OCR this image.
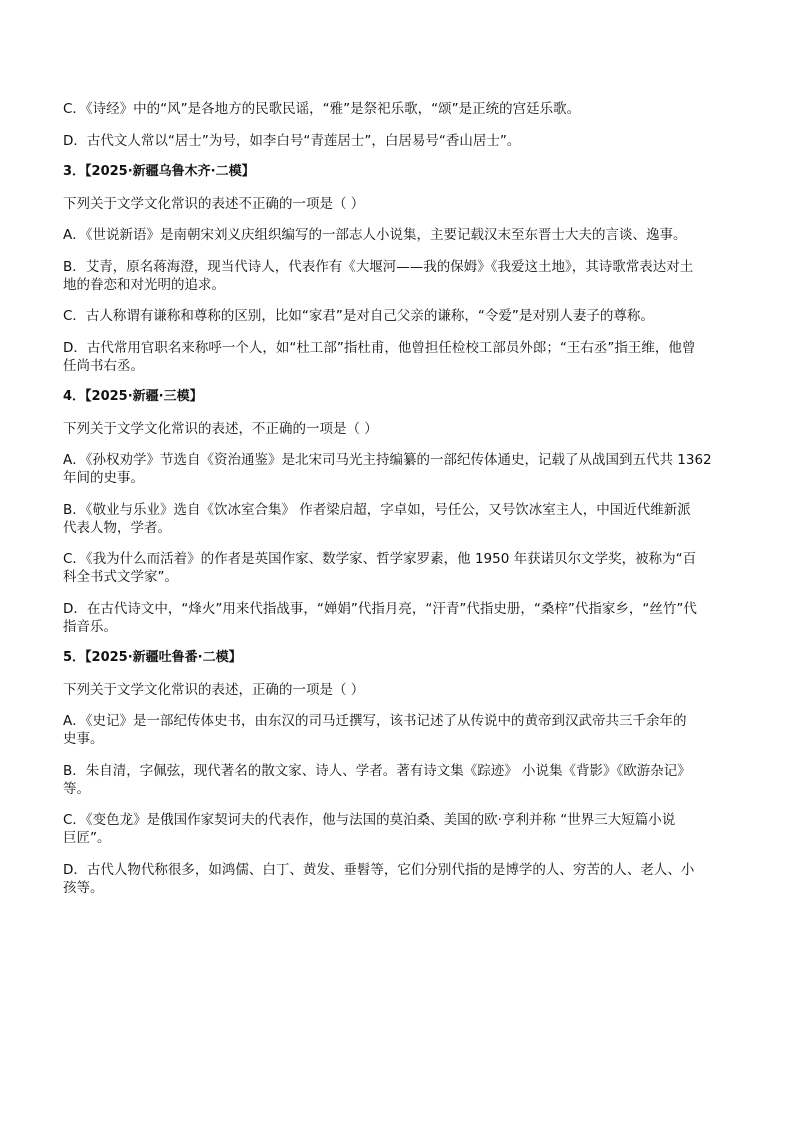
C．《诗经》中的“风”是各地方的民歌民谣，“雅”是祭祀乐歌，“颂”是正统的宫廷乐歌。

D．古代文人常以“居士”为号，如李白号“青莲居士”，白居易号“香山居士”。

3．【2025·新疆乌鲁木齐·二模】

下列关于文学文化常识的表述不正确的一项是（ ）

A．《世说新语》是南朝宋刘义庆组织编写的一部志人小说集，主要记载汉末至东晋士大夫的言谈、逸事。

B．艾青，原名蒋海澄，现当代诗人，代表作有《大堰河——我的保姆》《我爱这土地》，其诗歌常表达对土
地的眷恋和对光明的追求。

C．古人称谓有谦称和尊称的区别，比如“家君”是对自己父亲的谦称，“令爱”是对别人妻子的尊称。

D．古代常用官职名来称呼一个人，如“杜工部”指杜甫，他曾担任检校工部员外郎；“王右丞”指王维，他曾
任尚书右丞。

4．【2025·新疆·三模】

下列关于文学文化常识的表述，不正确的一项是（ ）

A．《孙权劝学》节选自《资治通鉴》是北宋司马光主持编纂的一部纪传体通史，记载了从战国到五代共 1362
年间的史事。

B．《敬业与乐业》选自《饮冰室合集》 作者梁启超，字卓如，号任公，又号饮冰室主人，中国近代维新派
代表人物，学者。

C．《我为什么而活着》的作者是英国作家、数学家、哲学家罗素，他 1950 年获诺贝尔文学奖，被称为“百
科全书式文学家”。

D．在古代诗文中，“烽火”用来代指战事，“婵娟”代指月亮，“汗青”代指史册，“桑梓”代指家乡，“丝竹”代
指音乐。

5．【2025·新疆吐鲁番·二模】

下列关于文学文化常识的表述，正确的一项是（ ）

A．《史记》是一部纪传体史书，由东汉的司马迁撰写，该书记述了从传说中的黄帝到汉武帝共三千余年的
史事。

B．朱自清，字佩弦，现代著名的散文家、诗人、学者。著有诗文集《踪迹》 小说集《背影》《欧游杂记》
等。

C．《变色龙》是俄国作家契诃夫的代表作，他与法国的莫泊桑、美国的欧·亨利并称 “世界三大短篇小说
巨匠”。

D．古代人物代称很多，如鸿儒、白丁、黄发、垂髫等，它们分别代指的是博学的人、穷苦的人、老人、小
孩等。
